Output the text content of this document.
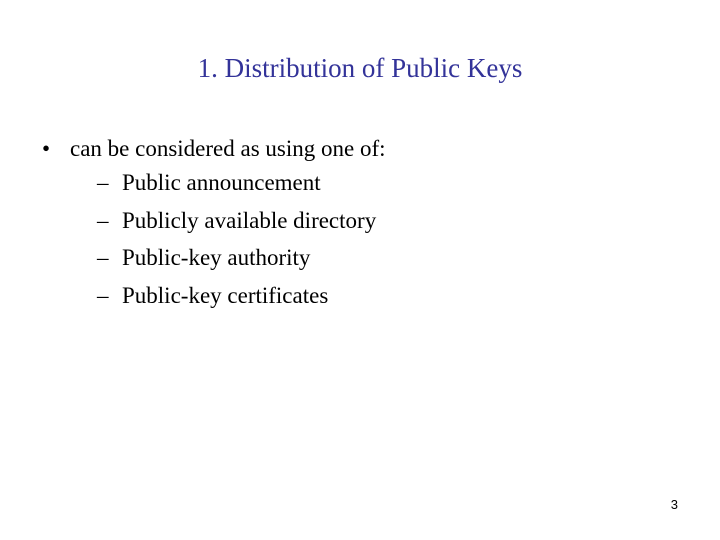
1. Distribution of Public Keys
• can be considered as using one of:
– Public announcement
– Publicly available directory
– Public-key authority
– Public-key certificates
3
